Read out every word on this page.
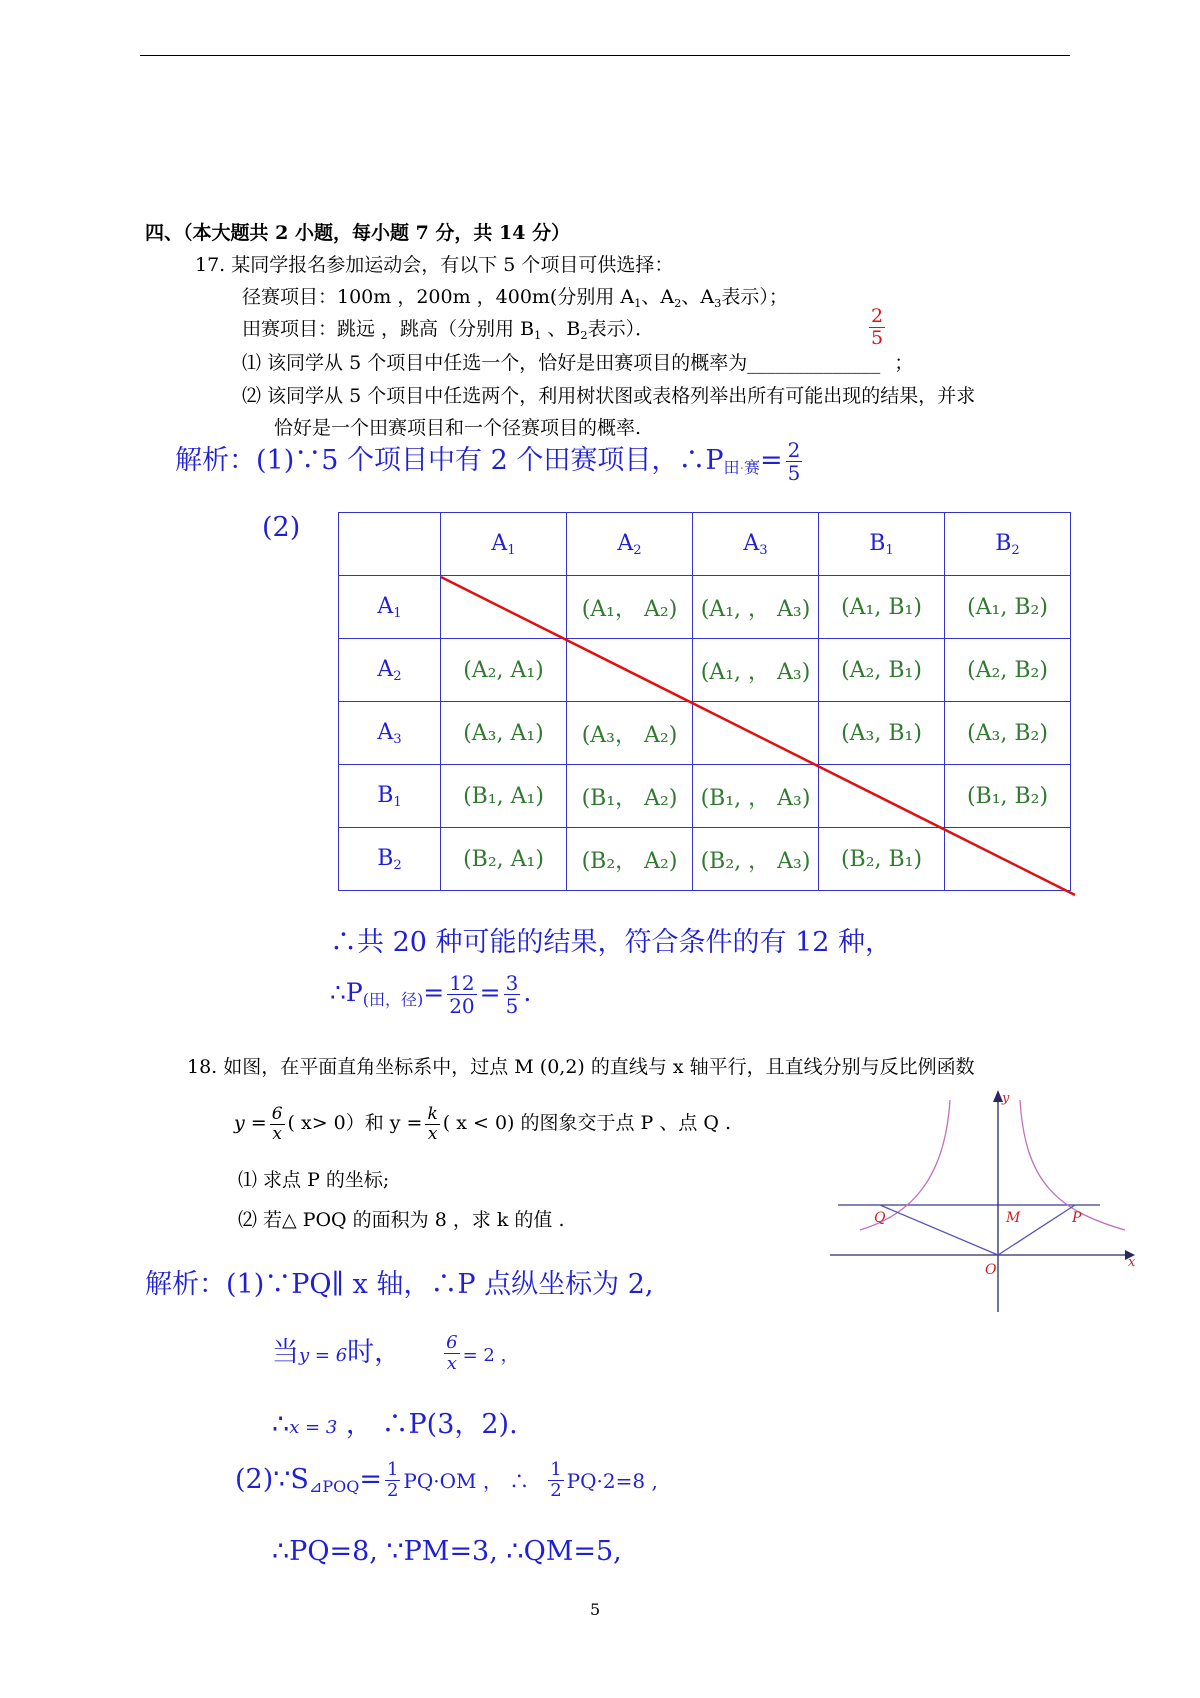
四、（本大题共 2 小题，每小题 7 分，共 14 分）
17. 某同学报名参加运动会，有以下 5 个项目可供选择：
径赛项目：100m ，200m ，400m(分别用 $A_1$、$A_2$、$A_3$表示）；
田赛项目：跳远 ，跳高（分别用 $B_1$ 、$B_2$表示）．	$\frac{2}{5}$
⑴ 该同学从 5 个项目中任选一个，恰好是田赛项目的概率为______________ ；
⑵ 该同学从 5 个项目中任选两个，利用树状图或表格列举出所有可能出现的结果，并求
恰好是一个田赛项目和一个径赛项目的概率.
解析：(1)∵5 个项目中有 2 个田赛项目，$\therefore P_田._赛= \frac{2}{5}$
(2)
		$A_1$	$A_2$	$A_3$	$B_1$	$B_2$
$A_1$		(A₁， A₂)	(A₁, ， A₃)	(A₁, B₁)	(A₁, B₂)
$A_2$	(A₂, A₁)		(A₁, ， A₃)	(A₂, B₁)	(A₂, B₂)
$A_3$	(A₃, A₁)	(A₃， A₂)		(A₃, B₁)	(A₃, B₂)
$B_1$	(B₁, A₁)	(B₁， A₂)	(B₁, ， A₃)		(B₁, B₂)
$B_2$	(B₂, A₁)	(B₂， A₂)	(B₂, ， A₃)	(B₂, B₁)	
∴共 20 种可能的结果，符合条件的有 12 种，
$\therefore P_{(田,径)}= \frac{12}{20} = \frac{3}{5}$ .
18. 如图，在平面直角坐标系中，过点 M (0,2) 的直线与 x 轴平行，且直线分别与反比例函数
$y = \frac{6}{x}$ ( x> 0）和 $y = \frac{k}{x}$ ( x < 0) 的图象交于点 P 、点 Q .
⑴ 求点 P 的坐标;
⑵ 若△ POQ 的面积为 8 ，求 k 的值 .
y
x
Q	M	P
O
解析：(1)∵PQ∥ x 轴，∴P 点纵坐标为 2,
当y = 6时， $\frac{6}{x} = 2$ ，
∴x = 3 ， ∴P(3，2).
$(2)\because S_{⊿POQ}= \frac{1}{2} PQ\cdot OM$ ， ∴ $\frac{1}{2} PQ\cdot 2=8$ ,
∴PQ=8, ∵PM=3, ∴QM=5,
5
